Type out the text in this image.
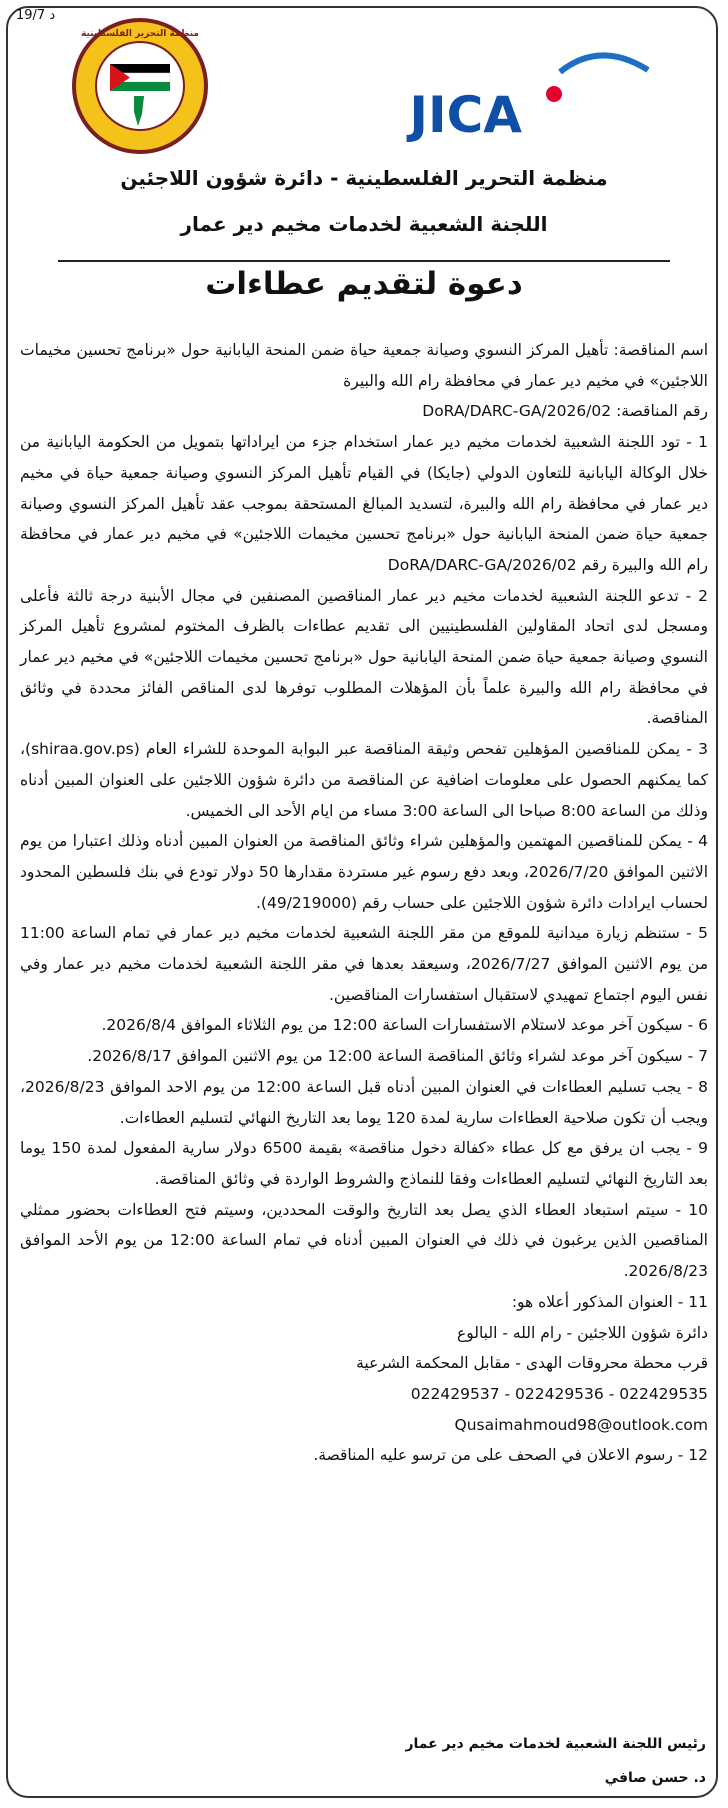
د 19/7
JICA
منظمة التحرير الفلسطينية
منظمة التحرير الفلسطينية - دائرة شؤون اللاجئين
اللجنة الشعبية لخدمات مخيم دير عمار
دعوة لتقديم عطاءات

اسم المناقصة: تأهيل المركز النسوي وصيانة جمعية حياة ضمن المنحة اليابانية حول «برنامج تحسين مخيمات اللاجئين» في مخيم دير عمار في محافظة رام الله والبيرة

رقم المناقصة: DoRA/DARC-GA/2026/02

1 - تود اللجنة الشعبية لخدمات مخيم دير عمار استخدام جزء من ايراداتها بتمويل من الحكومة اليابانية من خلال الوكالة اليابانية للتعاون الدولي (جايكا) في القيام تأهيل المركز النسوي وصيانة جمعية حياة في مخيم دير عمار في محافظة رام الله والبيرة، لتسديد المبالغ المستحقة بموجب عقد تأهيل المركز النسوي وصيانة جمعية حياة ضمن المنحة اليابانية حول «برنامج تحسين مخيمات اللاجئين» في مخيم دير عمار في محافظة رام الله والبيرة رقم DoRA/DARC-GA/2026/02

2 - تدعو اللجنة الشعبية لخدمات مخيم دير عمار المناقصين المصنفين في مجال الأبنية درجة ثالثة فأعلى ومسجل لدى اتحاد المقاولين الفلسطينيين الى تقديم عطاءات بالظرف المختوم لمشروع تأهيل المركز النسوي وصيانة جمعية حياة ضمن المنحة اليابانية حول «برنامج تحسين مخيمات اللاجئين» في مخيم دير عمار في محافظة رام الله والبيرة علماً بأن المؤهلات المطلوب توفرها لدى المناقص الفائز محددة في وثائق المناقصة.

3 - يمكن للمناقصين المؤهلين تفحص وثيقة المناقصة عبر البوابة الموحدة للشراء العام (shiraa.gov.ps)، كما يمكنهم الحصول على معلومات اضافية عن المناقصة من دائرة شؤون اللاجئين على العنوان المبين أدناه وذلك من الساعة 8:00 صباحا الى الساعة 3:00 مساء من ايام الأحد الى الخميس.

4 - يمكن للمناقصين المهتمين والمؤهلين شراء وثائق المناقصة من العنوان المبين أدناه وذلك اعتبارا من يوم الاثنين الموافق 2026/7/20، وبعد دفع رسوم غير مستردة مقدارها 50 دولار تودع في بنك فلسطين المحدود لحساب ايرادات دائرة شؤون اللاجئين على حساب رقم (49/219000).

5 - ستنظم زيارة ميدانية للموقع من مقر اللجنة الشعبية لخدمات مخيم دير عمار في تمام الساعة 11:00 من يوم الاثنين الموافق 2026/7/27، وسيعقد بعدها في مقر اللجنة الشعبية لخدمات مخيم دير عمار وفي نفس اليوم اجتماع تمهيدي لاستقبال استفسارات المناقصين.

6 - سيكون آخر موعد لاستلام الاستفسارات الساعة 12:00 من يوم الثلاثاء الموافق 2026/8/4.

7 - سيكون آخر موعد لشراء وثائق المناقصة الساعة 12:00 من يوم الاثنين الموافق 2026/8/17.

8 - يجب تسليم العطاءات في العنوان المبين أدناه قبل الساعة 12:00 من يوم الاحد الموافق 2026/8/23، ويجب أن تكون صلاحية العطاءات سارية لمدة 120 يوما بعد التاريخ النهائي لتسليم العطاءات.

9 - يجب ان يرفق مع كل عطاء «كفالة دخول مناقصة» بقيمة 6500 دولار سارية المفعول لمدة 150 يوما بعد التاريخ النهائي لتسليم العطاءات وفقا للنماذج والشروط الواردة في وثائق المناقصة.

10 - سيتم استبعاد العطاء الذي يصل بعد التاريخ والوقت المحددين، وسيتم فتح العطاءات بحضور ممثلي المناقصين الذين يرغبون في ذلك في العنوان المبين أدناه في تمام الساعة 12:00 من يوم الأحد الموافق 2026/8/23.

11 - العنوان المذكور أعلاه هو:

دائرة شؤون اللاجئين - رام الله - البالوع

قرب محطة محروقات الهدى - مقابل المحكمة الشرعية

022429535 - 022429536 - 022429537

Qusaimahmoud98@outlook.com

12 - رسوم الاعلان في الصحف على من ترسو عليه المناقصة.

رئيس اللجنة الشعبية لخدمات مخيم دير عمار
د. حسن صافي
